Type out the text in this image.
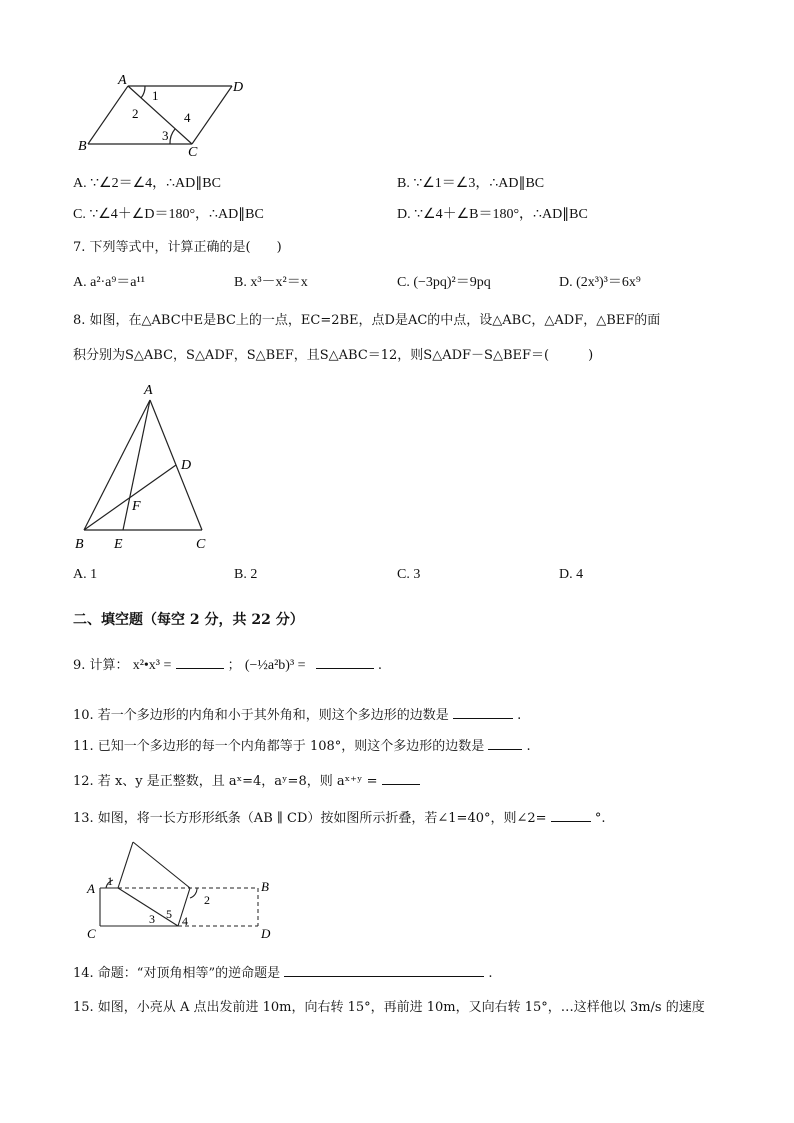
A	D
B	C
1
2
3
4
A. ∵∠2＝∠4，∴AD∥BC	B. ∵∠1＝∠3，∴AD∥BC
C. ∵∠4＋∠D＝180°，∴AD∥BC	D. ∵∠4＋∠B＝180°，∴AD∥BC
7. 下列等式中，计算正确的是(　　)
A. a²·a⁹＝a¹¹	B. x³－x²＝x	C. (−3pq)²＝9pq	D. (2x³)³＝6x⁹
8. 如图，在△ABC中E是BC上的一点，EC=2BE，点D是AC的中点，设△ABC，△ADF，△BEF的面
积分别为S△ABC，S△ADF，S△BEF，且S△ABC＝12，则S△ADF－S△BEF＝(　　　)
A
D
F
B E	C
A. 1	B. 2	C. 3	D. 4
二、填空题（每空 2 分，共 22 分）
9. 计算： x²•x³ =	； (−½a²b)³ =	.
10. 若一个多边形的内角和小于其外角和，则这个多边形的边数是	.
11. 已知一个多边形的每一个内角都等于 108°，则这个多边形的边数是	.
12. 若 x、y 是正整数，且 aˣ=4，aʸ=8，则 aˣ⁺ʸ =
13. 如图，将一长方形形纸条（AB ∥ CD）按如图所示折叠，若∠1=40°，则∠2=	°.
A	B
C	D
1
2
3 4
5
14. 命题：“对顶角相等”的逆命题是	.
15. 如图，小亮从 A 点出发前进 10m，向右转 15°，再前进 10m，又向右转 15°，…这样他以 3m/s 的速度
